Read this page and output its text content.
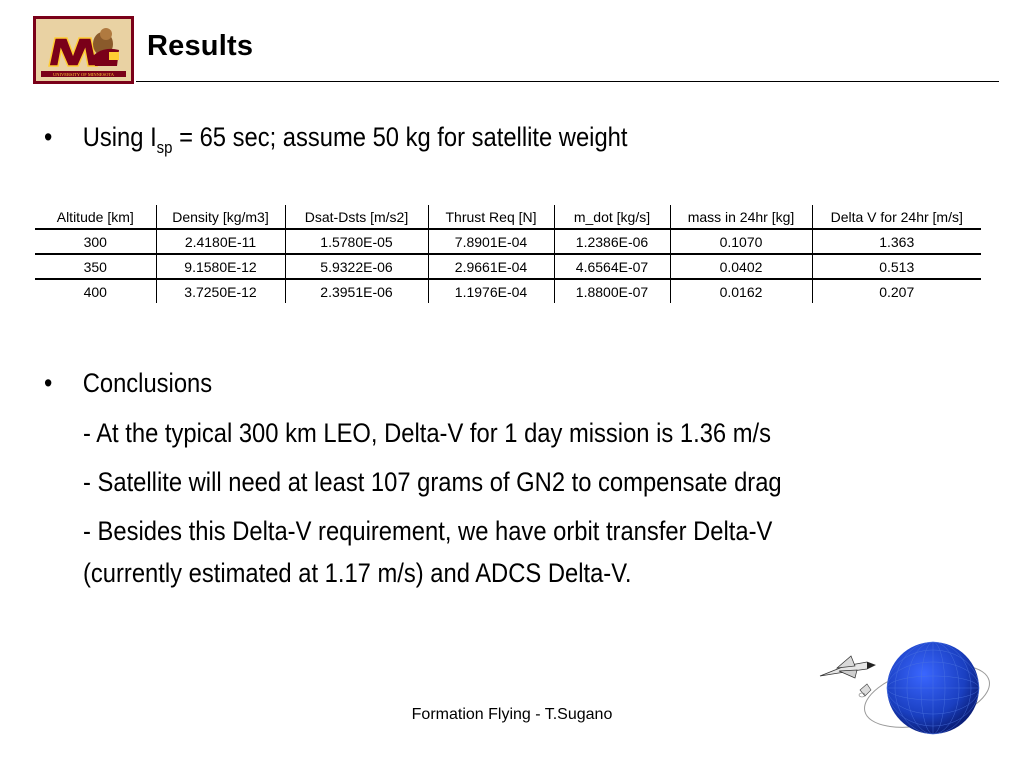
UNIVERSITY OF MINNESOTA
Results
• Using $I_{sp} = 65$ sec; assume 50 kg for satellite weight
Altitude [km]	Density [kg/m3]	Dsat-Dsts [m/s2]	Thrust Req [N]	m_dot [kg/s]	mass in 24hr [kg]	Delta V for 24hr [m/s]
300	2.4180E-11	1.5780E-05	7.8901E-04	1.2386E-06	0.1070	1.363
350	9.1580E-12	5.9322E-06	2.9661E-04	4.6564E-07	0.0402	0.513
400	3.7250E-12	2.3951E-06	1.1976E-04	1.8800E-07	0.0162	0.207
• Conclusions
- At the typical 300 km LEO, Delta-V for 1 day mission is 1.36 m/s
- Satellite will need at least 107 grams of GN2 to compensate drag
- Besides this Delta-V requirement, we have orbit transfer Delta-V
(currently estimated at 1.17 m/s) and ADCS Delta-V.
Formation Flying - T.Sugano
